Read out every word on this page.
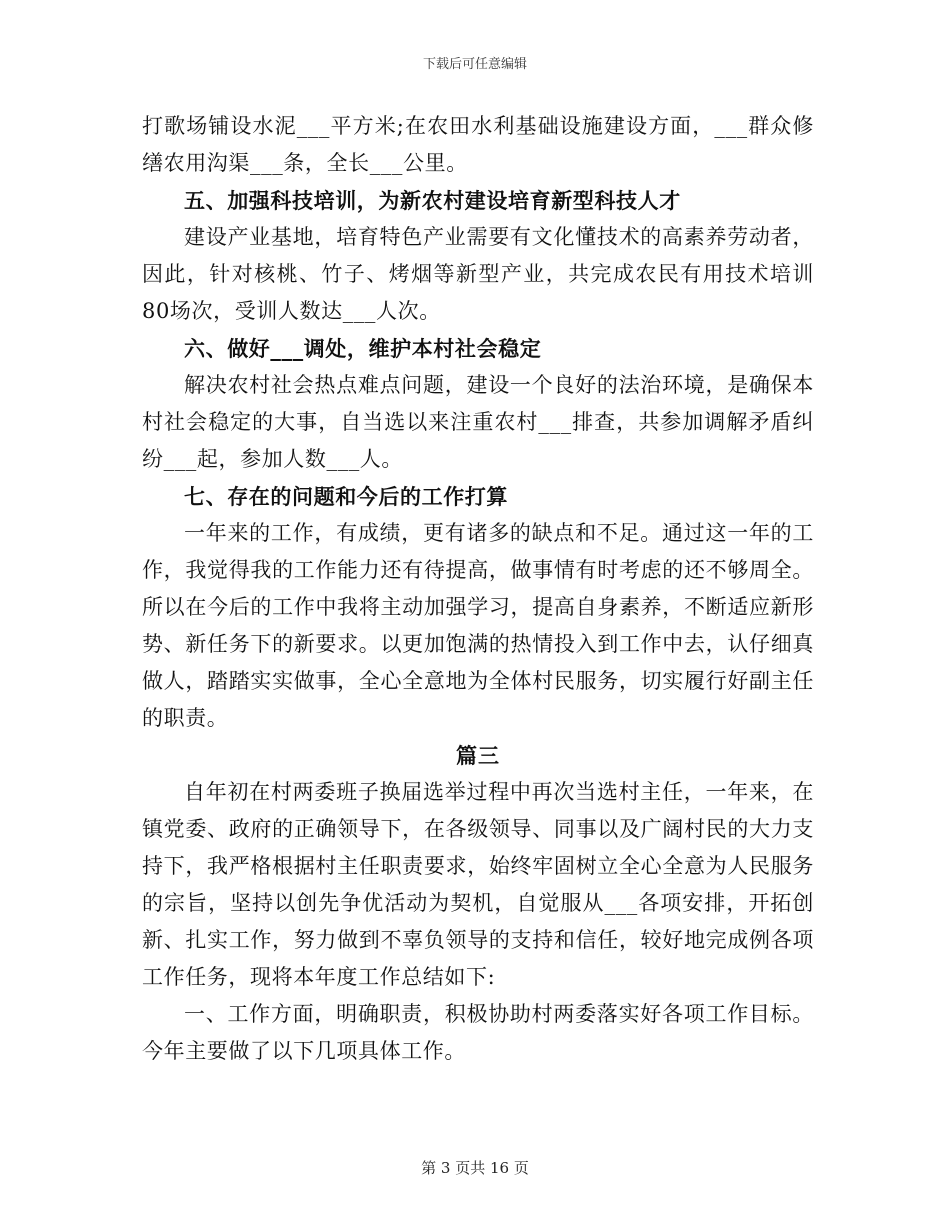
下载后可任意编辑

打歌场铺设水泥___平方米;在农田水利基础设施建设方面，___群众修缮农用沟渠___条，全长___公里。

五、加强科技培训，为新农村建设培育新型科技人才

建设产业基地，培育特色产业需要有文化懂技术的高素养劳动者，因此，针对核桃、竹子、烤烟等新型产业，共完成农民有用技术培训80场次，受训人数达___人次。

六、做好___调处，维护本村社会稳定

解决农村社会热点难点问题，建设一个良好的法治环境，是确保本村社会稳定的大事，自当选以来注重农村___排查，共参加调解矛盾纠纷___起，参加人数___人。

七、存在的问题和今后的工作打算

一年来的工作，有成绩，更有诸多的缺点和不足。通过这一年的工作，我觉得我的工作能力还有待提高，做事情有时考虑的还不够周全。所以在今后的工作中我将主动加强学习，提高自身素养，不断适应新形势、新任务下的新要求。以更加饱满的热情投入到工作中去，认仔细真做人，踏踏实实做事，全心全意地为全体村民服务，切实履行好副主任的职责。

篇三

自年初在村两委班子换届选举过程中再次当选村主任，一年来，在镇党委、政府的正确领导下，在各级领导、同事以及广阔村民的大力支持下，我严格根据村主任职责要求，始终牢固树立全心全意为人民服务的宗旨，坚持以创先争优活动为契机，自觉服从___各项安排，开拓创新、扎实工作，努力做到不辜负领导的支持和信任，较好地完成例各项工作任务，现将本年度工作总结如下:

一、工作方面，明确职责，积极协助村两委落实好各项工作目标。今年主要做了以下几项具体工作。

第 3 页共 16 页
